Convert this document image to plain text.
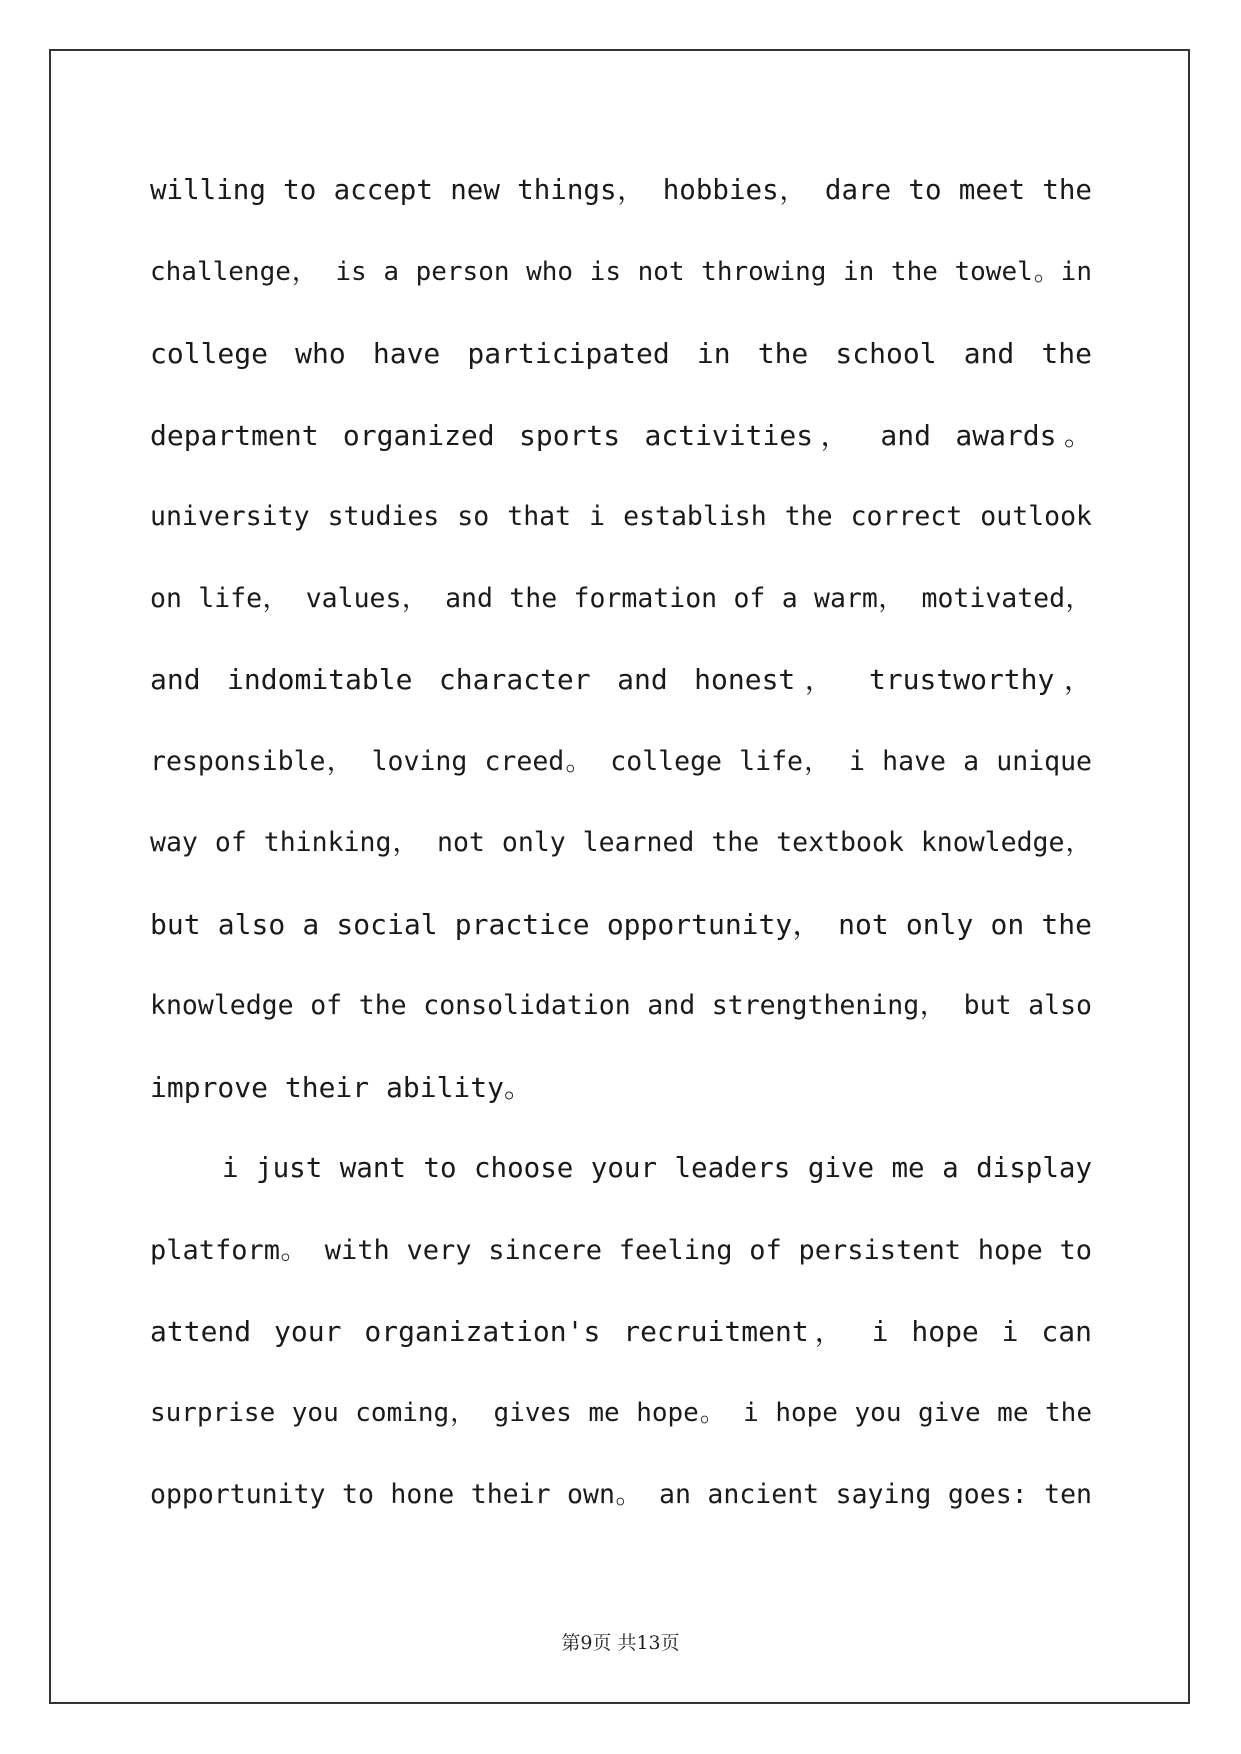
willing to accept new things， hobbies， dare to meet the
challenge， is a person who is not throwing in the towel。in
college who have participated in the school and the
department organized sports activities， and awards。
university studies so that i establish the correct outlook
on life， values， and the formation of a warm， motivated，
and indomitable character and honest， trustworthy，
responsible， loving creed。 college life， i have a unique
way of thinking， not only learned the textbook knowledge，
but also a social practice opportunity， not only on the
knowledge of the consolidation and strengthening， but also
improve their ability。
i just want to choose your leaders give me a display
platform。 with very sincere feeling of persistent hope to
attend your organization's recruitment， i hope i can
surprise you coming， gives me hope。 i hope you give me the
opportunity to hone their own。 an ancient saying goes: ten
第9页 共13页
